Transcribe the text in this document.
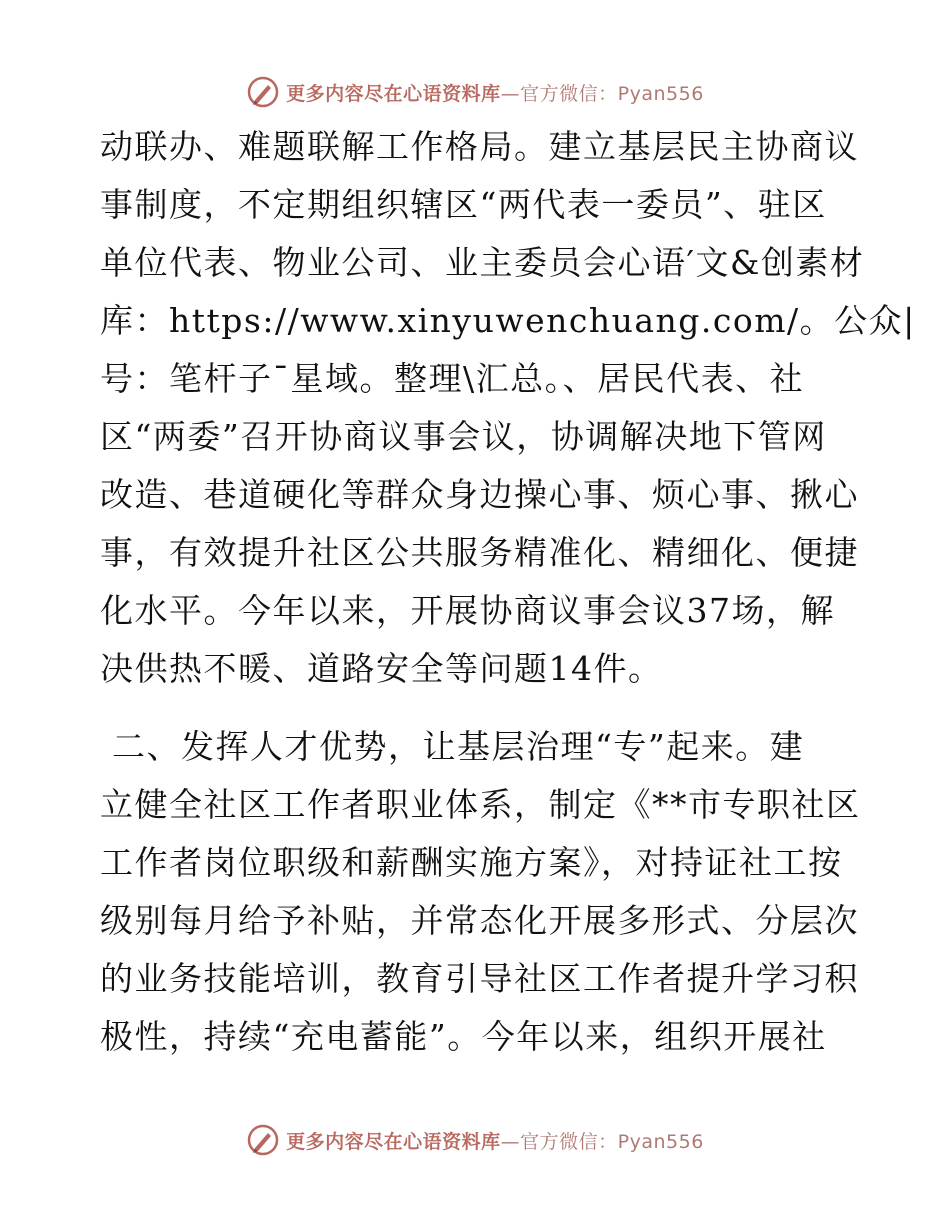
更多内容尽在心语资料库—官方微信：Pyan556
动联办、难题联解工作格局。建立基层民主协商议
事制度，不定期组织辖区“两代表一委员”、驻区
单位代表、物业公司、业主委员会心语′文&创素材
库：https://www.xinyuwenchuang.com/。公众|
号：笔杆子¯星域。整理\汇总。、居民代表、社
区“两委”召开协商议事会议，协调解决地下管网
改造、巷道硬化等群众身边操心事、烦心事、揪心
事，有效提升社区公共服务精准化、精细化、便捷
化水平。今年以来，开展协商议事会议37场，解
决供热不暖、道路安全等问题14件。
二、发挥人才优势，让基层治理“专”起来。建
立健全社区工作者职业体系，制定《**市专职社区
工作者岗位职级和薪酬实施方案》，对持证社工按
级别每月给予补贴，并常态化开展多形式、分层次
的业务技能培训，教育引导社区工作者提升学习积
极性，持续“充电蓄能”。今年以来，组织开展社
更多内容尽在心语资料库—官方微信：Pyan556
